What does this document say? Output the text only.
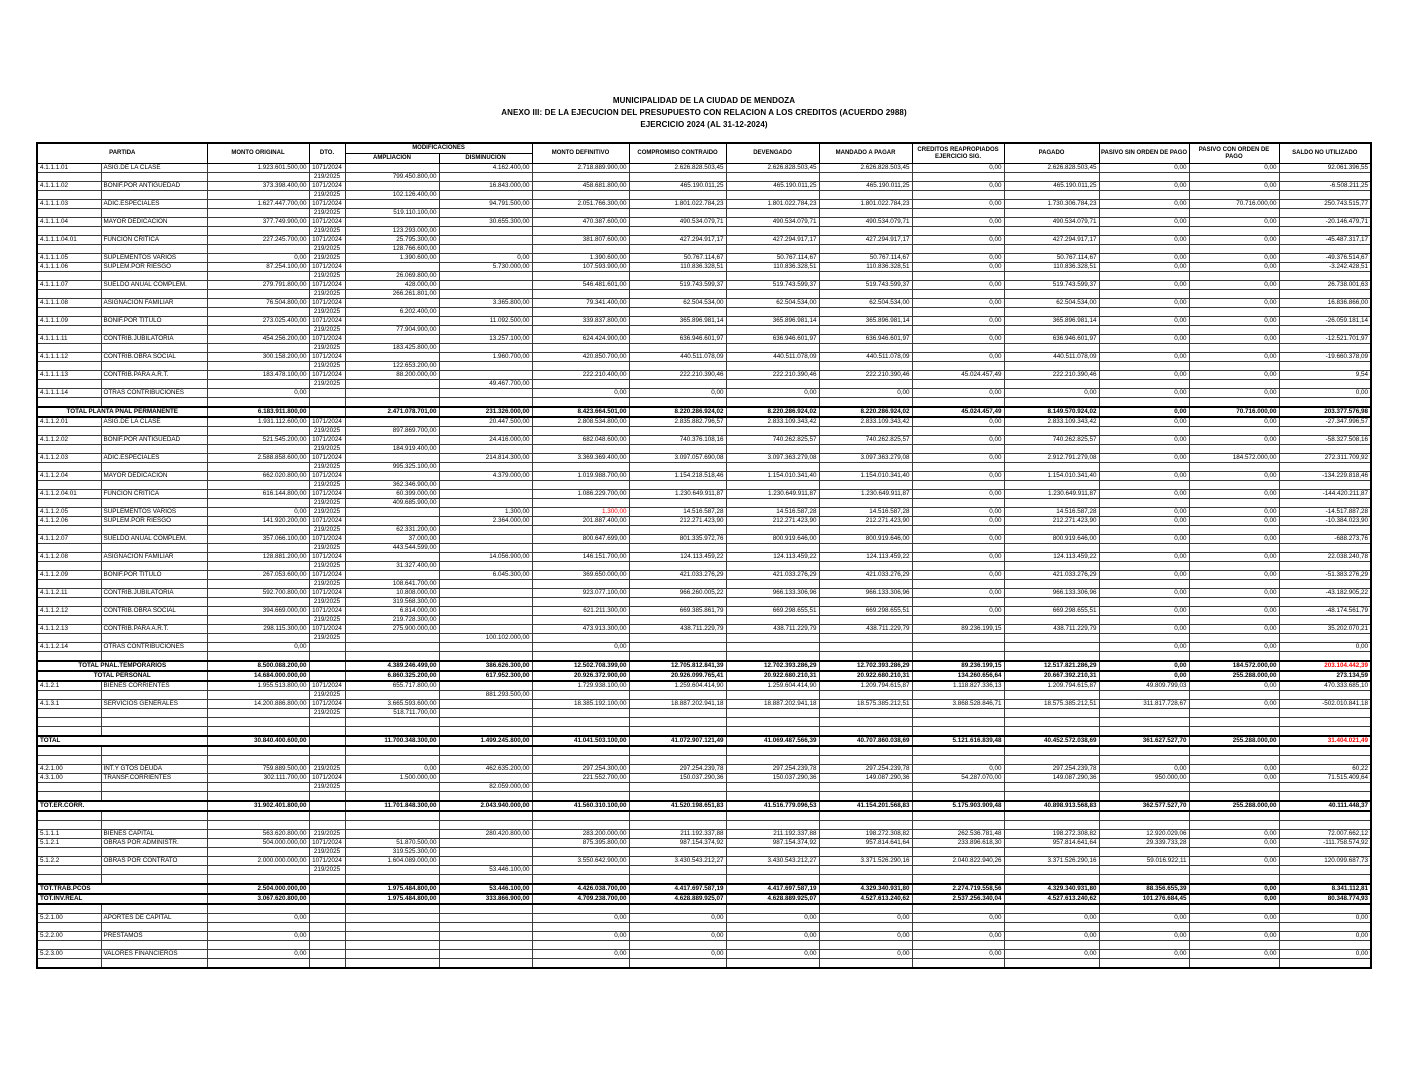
MUNICIPALIDAD DE LA CIUDAD DE MENDOZA
ANEXO III: DE LA EJECUCION DEL PRESUPUESTO CON RELACION A LOS CREDITOS (ACUERDO 2988)
EJERCICIO 2024 (AL 31-12-2024)
PARTIDA		MONTO ORIGINAL	DTO.	MODIFICACIONES		MONTO DEFINITIVO	COMPROMISO CONTRAIDO	DEVENGADO	MANDADO A PAGAR	CREDITOS REAPROPIADOS EJERCICIO SIG.	PAGADO	PASIVO SIN ORDEN DE PAGO	PASIVO CON ORDEN DE PAGO	SALDO NO UTILIZADO
				AMPLIACION	DISMINUCION									
4.1.1.1.01	ASIG.DE LA CLASE	1.923.601.500,00	1071/2024		4.162.400,00	2.718.889.900,00	2.626.828.503,45	2.626.828.503,45	2.626.828.503,45	0,00	2.626.828.503,45	0,00	0,00	92.061.396,55
			219/2025	799.450.800,00										
4.1.1.1.02	BONIF.POR ANTIGUEDAD	373.398.400,00	1071/2024		16.843.000,00	458.681.800,00	465.190.011,25	465.190.011,25	465.190.011,25	0,00	465.190.011,25	0,00	0,00	-6.508.211,25
			219/2025	102.126.400,00										
4.1.1.1.03	ADIC.ESPECIALES	1.627.447.700,00	1071/2024		94.791.500,00	2.051.766.300,00	1.801.022.784,23	1.801.022.784,23	1.801.022.784,23	0,00	1.730.306.784,23	0,00	70.716.000,00	250.743.515,77
			219/2025	519.110.100,00										
4.1.1.1.04	MAYOR DEDICACION	377.749.900,00	1071/2024		30.655.300,00	470.387.600,00	490.534.079,71	490.534.079,71	490.534.079,71	0,00	490.534.079,71	0,00	0,00	-20.146.479,71
			219/2025	123.293.000,00										
4.1.1.1.04.01	FUNCION CRITICA	227.245.700,00	1071/2024	25.795.300,00		381.807.600,00	427.294.917,17	427.294.917,17	427.294.917,17	0,00	427.294.917,17	0,00	0,00	-45.487.317,17
			219/2025	128.766.600,00										
4.1.1.1.05	SUPLEMENTOS VARIOS	0,00	219/2025	1.390.600,00	0,00	1.390.600,00	50.767.114,67	50.767.114,67	50.767.114,67	0,00	50.767.114,67	0,00	0,00	-49.376.514,67
4.1.1.1.06	SUPLEM.POR RIESGO	87.254.100,00	1071/2024		5.730.000,00	107.593.900,00	110.836.328,51	110.836.328,51	110.836.328,51	0,00	110.836.328,51	0,00	0,00	-3.242.428,51
			219/2025	26.069.800,00										
4.1.1.1.07	SUELDO ANUAL COMPLEM.	279.791.800,00	1071/2024	428.000,00		546.481.601,00	519.743.599,37	519.743.599,37	519.743.599,37	0,00	519.743.599,37	0,00	0,00	26.738.001,63
			219/2025	266.261.801,00										
4.1.1.1.08	ASIGNACION FAMILIAR	76.504.800,00	1071/2024		3.365.800,00	79.341.400,00	62.504.534,00	62.504.534,00	62.504.534,00	0,00	62.504.534,00	0,00	0,00	16.836.866,00
			219/2025	6.202.400,00										
4.1.1.1.09	BONIF.POR TITULO	273.025.400,00	1071/2024		11.092.500,00	339.837.800,00	365.896.981,14	365.896.981,14	365.896.981,14	0,00	365.896.981,14	0,00	0,00	-26.059.181,14
			219/2025	77.904.900,00										
4.1.1.1.11	CONTRIB.JUBILATORIA	454.256.200,00	1071/2024		13.257.100,00	624.424.900,00	636.946.601,97	636.946.601,97	636.946.601,97	0,00	636.946.601,97	0,00	0,00	-12.521.701,97
			219/2025	183.425.800,00										
4.1.1.1.12	CONTRIB.OBRA SOCIAL	300.158.200,00	1071/2024		1.960.700,00	420.850.700,00	440.511.078,09	440.511.078,09	440.511.078,09	0,00	440.511.078,09	0,00	0,00	-19.660.378,09
			219/2025	122.653.200,00										
4.1.1.1.13	CONTRIB.PARA A.R.T.	183.478.100,00	1071/2024	88.200.000,00		222.210.400,00	222.210.390,46	222.210.390,46	222.210.390,46	45.024.457,49	222.210.390,46	0,00	0,00	9,54
			219/2025		49.467.700,00									
4.1.1.1.14	OTRAS CONTRIBUCIONES	0,00				0,00	0,00	0,00	0,00	0,00	0,00	0,00	0,00	0,00

TOTAL PLANTA PNAL PERMANENTE		6.183.911.800,00		2.471.078.701,00	231.326.000,00	8.423.664.501,00	8.220.286.924,02	8.220.286.924,02	8.220.286.924,02	45.024.457,49	8.149.570.924,02	0,00	70.716.000,00	203.377.576,98
4.1.1.2.01	ASIG.DE LA CLASE	1.931.112.600,00	1071/2024		20.447.500,00	2.808.534.800,00	2.835.882.796,57	2.833.109.343,42	2.833.109.343,42	0,00	2.833.109.343,42	0,00	0,00	-27.347.996,57
			219/2025	897.869.700,00										
4.1.1.2.02	BONIF.POR ANTIGUEDAD	521.545.200,00	1071/2024		24.416.000,00	682.048.600,00	740.376.108,16	740.262.825,57	740.262.825,57	0,00	740.262.825,57	0,00	0,00	-58.327.508,16
			219/2025	184.919.400,00										
4.1.1.2.03	ADIC.ESPECIALES	2.588.858.600,00	1071/2024		214.814.300,00	3.369.369.400,00	3.097.057.690,08	3.097.363.279,08	3.097.363.279,08	0,00	2.912.791.279,08	0,00	184.572.000,00	272.311.709,92
			219/2025	995.325.100,00										
4.1.1.2.04	MAYOR DEDICACION	662.020.800,00	1071/2024		4.379.000,00	1.019.988.700,00	1.154.218.518,46	1.154.010.341,40	1.154.010.341,40	0,00	1.154.010.341,40	0,00	0,00	-134.229.818,46
			219/2025	362.346.900,00										
4.1.1.2.04.01	FUNCION CRITICA	616.144.800,00	1071/2024	60.399.000,00		1.086.229.700,00	1.230.649.911,87	1.230.649.911,87	1.230.649.911,87	0,00	1.230.649.911,87	0,00	0,00	-144.420.211,87
			219/2025	409.685.900,00										
4.1.1.2.05	SUPLEMENTOS VARIOS	0,00	219/2025		1.300,00	1.300,00	14.516.587,28	14.516.587,28	14.516.587,28	0,00	14.516.587,28	0,00	0,00	-14.517.887,28
4.1.1.2.06	SUPLEM.POR RIESGO	141.920.200,00	1071/2024		2.364.000,00	201.887.400,00	212.271.423,90	212.271.423,90	212.271.423,90	0,00	212.271.423,90	0,00	0,00	-10.384.023,90
			219/2025	62.331.200,00										
4.1.1.2.07	SUELDO ANUAL COMPLEM.	357.066.100,00	1071/2024	37.000,00		800.647.699,00	801.335.972,76	800.919.646,00	800.919.646,00	0,00	800.919.646,00	0,00	0,00	-688.273,76
			219/2025	443.544.599,00										
4.1.1.2.08	ASIGNACION FAMILIAR	128.881.200,00	1071/2024		14.056.900,00	146.151.700,00	124.113.459,22	124.113.459,22	124.113.459,22	0,00	124.113.459,22	0,00	0,00	22.038.240,78
			219/2025	31.327.400,00										
4.1.1.2.09	BONIF.POR TITULO	267.053.600,00	1071/2024		6.045.300,00	369.650.000,00	421.033.276,29	421.033.276,29	421.033.276,29	0,00	421.033.276,29	0,00	0,00	-51.383.276,29
			219/2025	108.641.700,00										
4.1.1.2.11	CONTRIB.JUBILATORIA	592.700.800,00	1071/2024	10.808.000,00		923.077.100,00	966.260.005,22	966.133.306,96	966.133.306,96	0,00	966.133.306,96	0,00	0,00	-43.182.905,22
			219/2025	319.568.300,00										
4.1.1.2.12	CONTRIB.OBRA SOCIAL	394.669.000,00	1071/2024	6.814.000,00		621.211.300,00	669.385.861,79	669.298.655,51	669.298.655,51	0,00	669.298.655,51	0,00	0,00	-48.174.561,79
			219/2025	219.728.300,00										
4.1.1.2.13	CONTRIB.PARA A.R.T.	298.115.300,00	1071/2024	275.900.000,00		473.913.300,00	438.711.229,79	438.711.229,79	438.711.229,79	89.236.199,15	438.711.229,79	0,00	0,00	35.202.070,21
			219/2025		100.102.000,00									
4.1.1.2.14	OTRAS CONTRIBUCIONES	0,00				0,00						0,00	0,00	0,00

TOTAL PNAL.TEMPORARIOS		8.500.088.200,00		4.389.246.499,00	386.626.300,00	12.502.708.399,00	12.705.812.841,39	12.702.393.286,29	12.702.393.286,29	89.236.199,15	12.517.821.286,29	0,00	184.572.000,00	203.104.442,39
TOTAL PERSONAL		14.684.000.000,00		6.860.325.200,00	617.952.300,00	20.926.372.900,00	20.926.099.765,41	20.922.680.210,31	20.922.680.210,31	134.260.656,64	20.667.392.210,31	0,00	255.288.000,00	273.134,59
4.1.2.1	BIENES CORRIENTES	1.955.513.800,00	1071/2024	655.717.800,00		1.729.938.100,00	1.259.604.414,90	1.259.604.414,90	1.209.794.615,87	1.118.827.336,13	1.209.794.615,87	49.809.799,03	0,00	470.333.685,10
			219/2025		881.293.500,00									
4.1.3.1	SERVICIOS GENERALES	14.200.886.800,00	1071/2024	3.665.593.600,00		18.385.192.100,00	18.887.202.941,18	18.887.202.941,18	18.575.385.212,51	3.868.528.846,71	18.575.385.212,51	311.817.728,67	0,00	-502.010.841,18
			219/2025	518.711.700,00										

TOTAL		30.840.400.600,00		11.700.348.300,00	1.499.245.800,00	41.041.503.100,00	41.072.907.121,49	41.069.487.566,39	40.707.860.038,69	5.121.616.839,48	40.452.572.038,69	361.627.527,70	255.288.000,00	31.404.021,49

4.2.1.00	INT.Y GTOS DEUDA	759.889.500,00	219/2025	0,00	462.635.200,00	297.254.300,00	297.254.239,78	297.254.239,78	297.254.239,78	0,00	297.254.239,78	0,00	0,00	60,22
4.3.1.00	TRANSF.CORRIENTES	302.111.700,00	1071/2024	1.500.000,00		221.552.700,00	150.037.290,36	150.037.290,36	149.087.290,36	54.287.070,00	149.087.290,36	950.000,00	0,00	71.515.409,64
			219/2025		82.059.000,00									

TOT.ER.CORR.		31.902.401.800,00		11.701.848.300,00	2.043.940.000,00	41.560.310.100,00	41.520.198.651,83	41.516.779.096,53	41.154.201.568,83	5.175.903.909,48	40.898.913.568,83	362.577.527,70	255.288.000,00	40.111.448,37

5.1.1.1	BIENES CAPITAL	563.620.800,00	219/2025		280.420.800,00	283.200.000,00	211.192.337,88	211.192.337,88	198.272.308,82	262.536.781,48	198.272.308,82	12.920.029,06	0,00	72.007.662,12
5.1.2.1	OBRAS POR ADMINISTR.	504.000.000,00	1071/2024	51.870.500,00		875.395.800,00	987.154.374,92	987.154.374,92	957.814.641,64	233.896.618,30	957.814.641,64	29.339.733,28	0,00	-111.758.574,92
			219/2025	319.525.300,00										
5.1.2.2	OBRAS POR CONTRATO	2.000.000.000,00	1071/2024	1.604.089.000,00		3.550.642.900,00	3.430.543.212,27	3.430.543.212,27	3.371.526.290,16	2.040.822.940,26	3.371.526.290,16	59.016.922,11	0,00	120.099.687,73
			219/2025		53.446.100,00									

TOT.TRAB.PCOS		2.504.000.000,00		1.975.484.800,00	53.446.100,00	4.426.038.700,00	4.417.697.587,19	4.417.697.587,19	4.329.340.931,80	2.274.719.558,56	4.329.340.931,80	88.356.655,39	0,00	8.341.112,81
TOT.INV.REAL		3.067.620.800,00		1.975.484.800,00	333.866.900,00	4.709.238.700,00	4.628.889.925,07	4.628.889.925,07	4.527.613.240,62	2.537.256.340,04	4.527.613.240,62	101.276.684,45	0,00	80.348.774,93

5.2.1.00	APORTES DE CAPITAL	0,00				0,00	0,00	0,00	0,00	0,00	0,00	0,00	0,00	0,00

5.2.2.00	PRESTAMOS	0,00				0,00	0,00	0,00	0,00	0,00	0,00	0,00	0,00	0,00

5.2.3.00	VALORES FINANCIEROS	0,00				0,00	0,00	0,00	0,00	0,00	0,00	0,00	0,00	0,00
